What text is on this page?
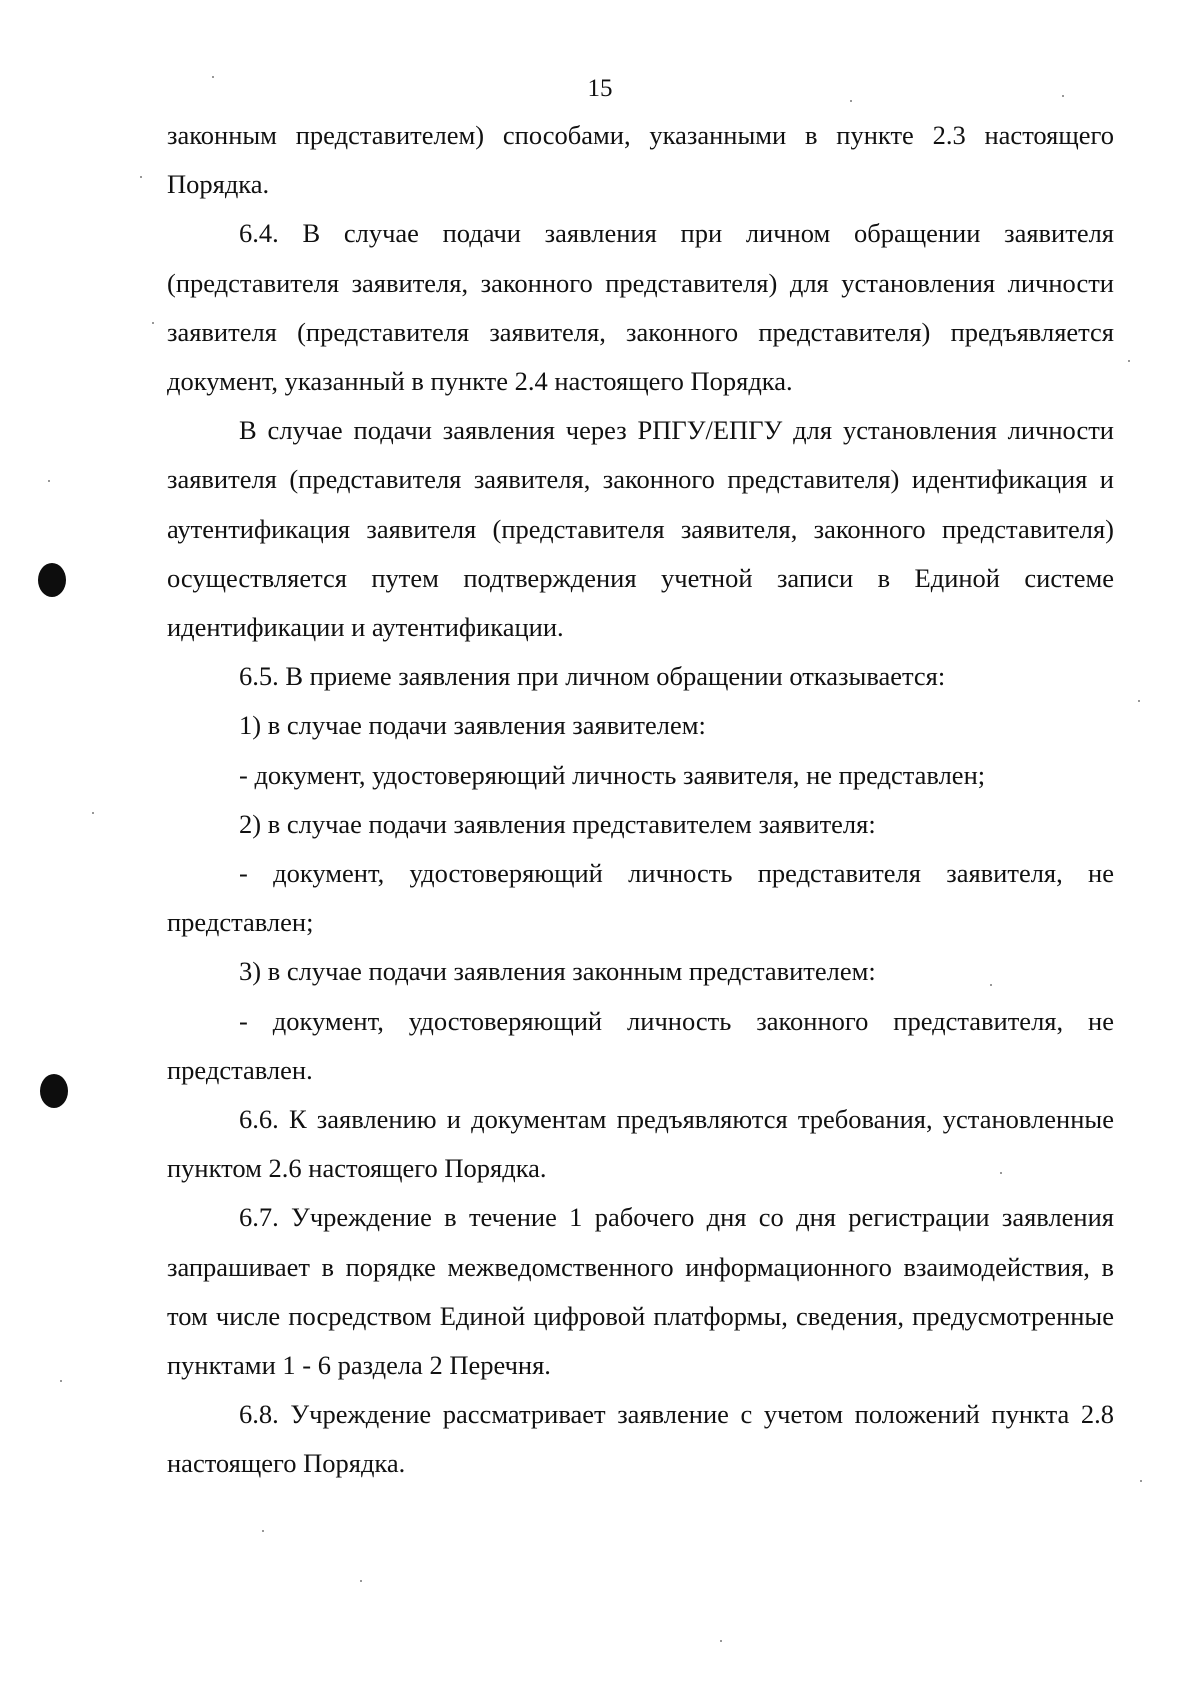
15

законным представителем) способами, указанными в пункте 2.3 настоящего Порядка.

6.4. В случае подачи заявления при личном обращении заявителя (представителя заявителя, законного представителя) для установления личности заявителя (представителя заявителя, законного представителя) предъявляется документ, указанный в пункте 2.4 настоящего Порядка.

В случае подачи заявления через РПГУ/ЕПГУ для установления личности заявителя (представителя заявителя, законного представителя) идентификация и аутентификация заявителя (представителя заявителя, законного представителя) осуществляется путем подтверждения учетной записи в Единой системе идентификации и аутентификации.

6.5. В приеме заявления при личном обращении отказывается:

1) в случае подачи заявления заявителем:

- документ, удостоверяющий личность заявителя, не представлен;

2) в случае подачи заявления представителем заявителя:

- документ, удостоверяющий личность представителя заявителя, не представлен;

3) в случае подачи заявления законным представителем:

- документ, удостоверяющий личность законного представителя, не представлен.

6.6. К заявлению и документам предъявляются требования, установленные пунктом 2.6 настоящего Порядка.

6.7. Учреждение в течение 1 рабочего дня со дня регистрации заявления запрашивает в порядке межведомственного информационного взаимодействия, в том числе посредством Единой цифровой платформы, сведения, предусмотренные пунктами 1 - 6 раздела 2 Перечня.

6.8. Учреждение рассматривает заявление с учетом положений пункта 2.8 настоящего Порядка.
